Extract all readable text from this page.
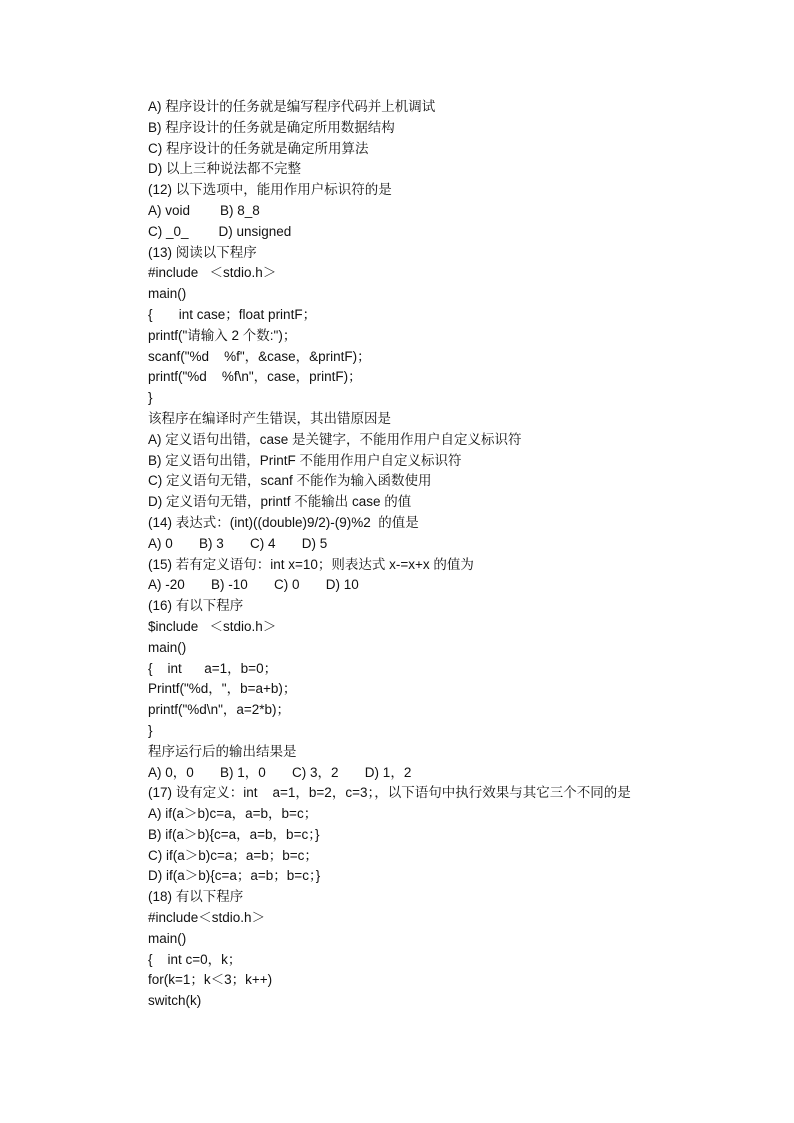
A) 程序设计的任务就是编写程序代码并上机调试
B) 程序设计的任务就是确定所用数据结构
C) 程序设计的任务就是确定所用算法
D) 以上三种说法都不完整
(12) 以下选项中，能用作用户标识符的是
A) void        B) 8_8
C) _0_        D) unsigned
(13) 阅读以下程序
#include   ＜stdio.h＞
main()
{       int case；float printF；
printf("请输入 2 个数:")；
scanf("%d    %f"，&case，&printF)；
printf("%d    %f\n"，case，printF)；
}
该程序在编译时产生错误，其出错原因是
A) 定义语句出错，case 是关键字，不能用作用户自定义标识符
B) 定义语句出错，PrintF 不能用作用户自定义标识符
C) 定义语句无错，scanf 不能作为输入函数使用
D) 定义语句无错，printf 不能输出 case 的值
(14) 表达式：(int)((double)9/2)-(9)%2  的值是
A) 0       B) 3       C) 4       D) 5
(15) 若有定义语句：int x=10；则表达式 x-=x+x 的值为
A) -20       B) -10       C) 0       D) 10
(16) 有以下程序
$include   ＜stdio.h＞
main()
{    int      a=1，b=0；
Printf("%d，"，b=a+b)；
printf("%d\n"，a=2*b)；
}
程序运行后的输出结果是
A) 0，0       B) 1，0       C) 3，2       D) 1，2
(17) 设有定义：int    a=1，b=2，c=3；，以下语句中执行效果与其它三个不同的是
A) if(a＞b)c=a，a=b，b=c；
B) if(a＞b){c=a，a=b，b=c；}
C) if(a＞b)c=a；a=b；b=c；
D) if(a＞b){c=a；a=b；b=c；}
(18) 有以下程序
#include＜stdio.h＞
main()
{    int c=0，k；
for(k=1；k＜3；k++)
switch(k)
